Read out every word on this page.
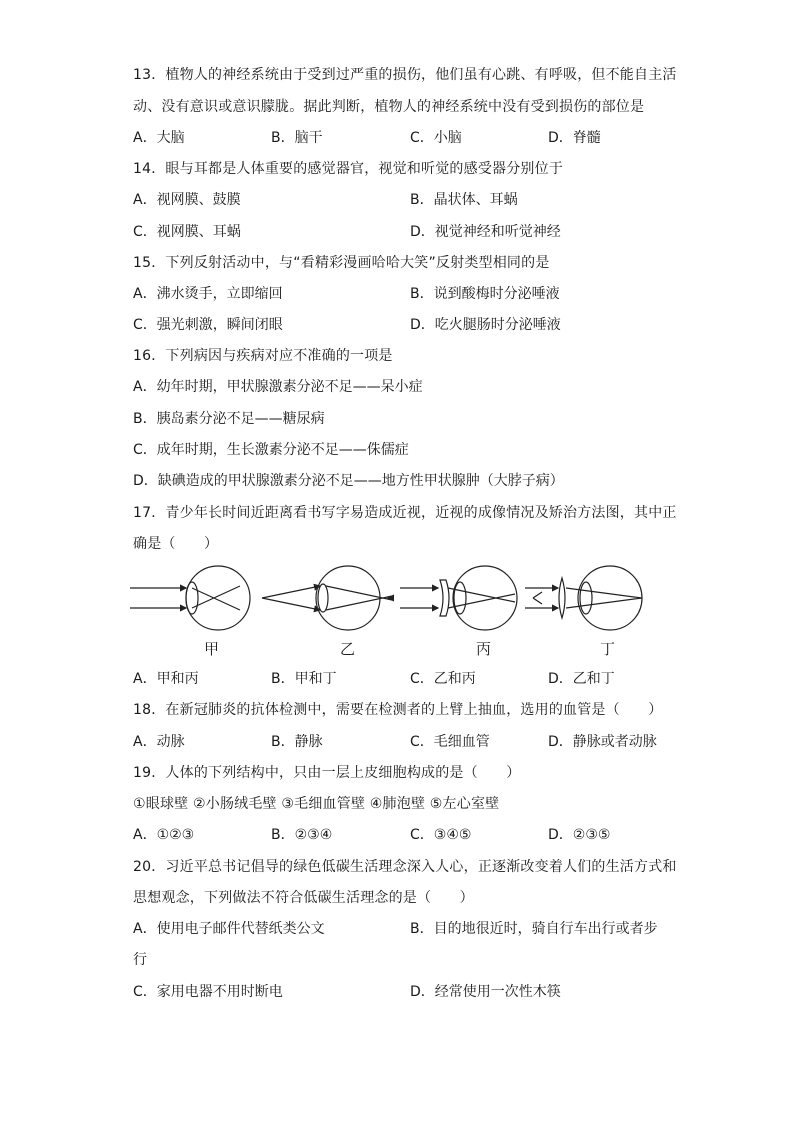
13．植物人的神经系统由于受到过严重的损伤，他们虽有心跳、有呼吸，但不能自主活
动、没有意识或意识朦胧。据此判断，植物人的神经系统中没有受到损伤的部位是
A．大脑	B．脑干	C．小脑	D．脊髓
14．眼与耳都是人体重要的感觉器官，视觉和听觉的感受器分别位于
A．视网膜、鼓膜	B．晶状体、耳蜗
C．视网膜、耳蜗	D．视觉神经和听觉神经
15．下列反射活动中，与“看精彩漫画哈哈大笑”反射类型相同的是
A．沸水烫手，立即缩回	B．说到酸梅时分泌唾液
C．强光刺激，瞬间闭眼	D．吃火腿肠时分泌唾液
16．下列病因与疾病对应不准确的一项是
A．幼年时期，甲状腺激素分泌不足——呆小症
B．胰岛素分泌不足——糖尿病
C．成年时期，生长激素分泌不足——侏儒症
D．缺碘造成的甲状腺激素分泌不足——地方性甲状腺肿（大脖子病）
17．青少年长时间近距离看书写字易造成近视，近视的成像情况及矫治方法图，其中正
确是（　　）
甲	乙	丙	丁
A．甲和丙	B．甲和丁	C．乙和丙	D．乙和丁
18．在新冠肺炎的抗体检测中，需要在检测者的上臂上抽血，选用的血管是（　　）
A．动脉	B．静脉	C．毛细血管	D．静脉或者动脉
19．人体的下列结构中，只由一层上皮细胞构成的是（　　）
①眼球壁 ②小肠绒毛壁 ③毛细血管壁 ④肺泡壁 ⑤左心室壁
A．①②③	B．②③④	C．③④⑤	D．②③⑤
20．习近平总书记倡导的绿色低碳生活理念深入人心，正逐渐改变着人们的生活方式和
思想观念，下列做法不符合低碳生活理念的是（　　）
A．使用电子邮件代替纸类公文	B．目的地很近时，骑自行车出行或者步
行
C．家用电器不用时断电	D．经常使用一次性木筷
